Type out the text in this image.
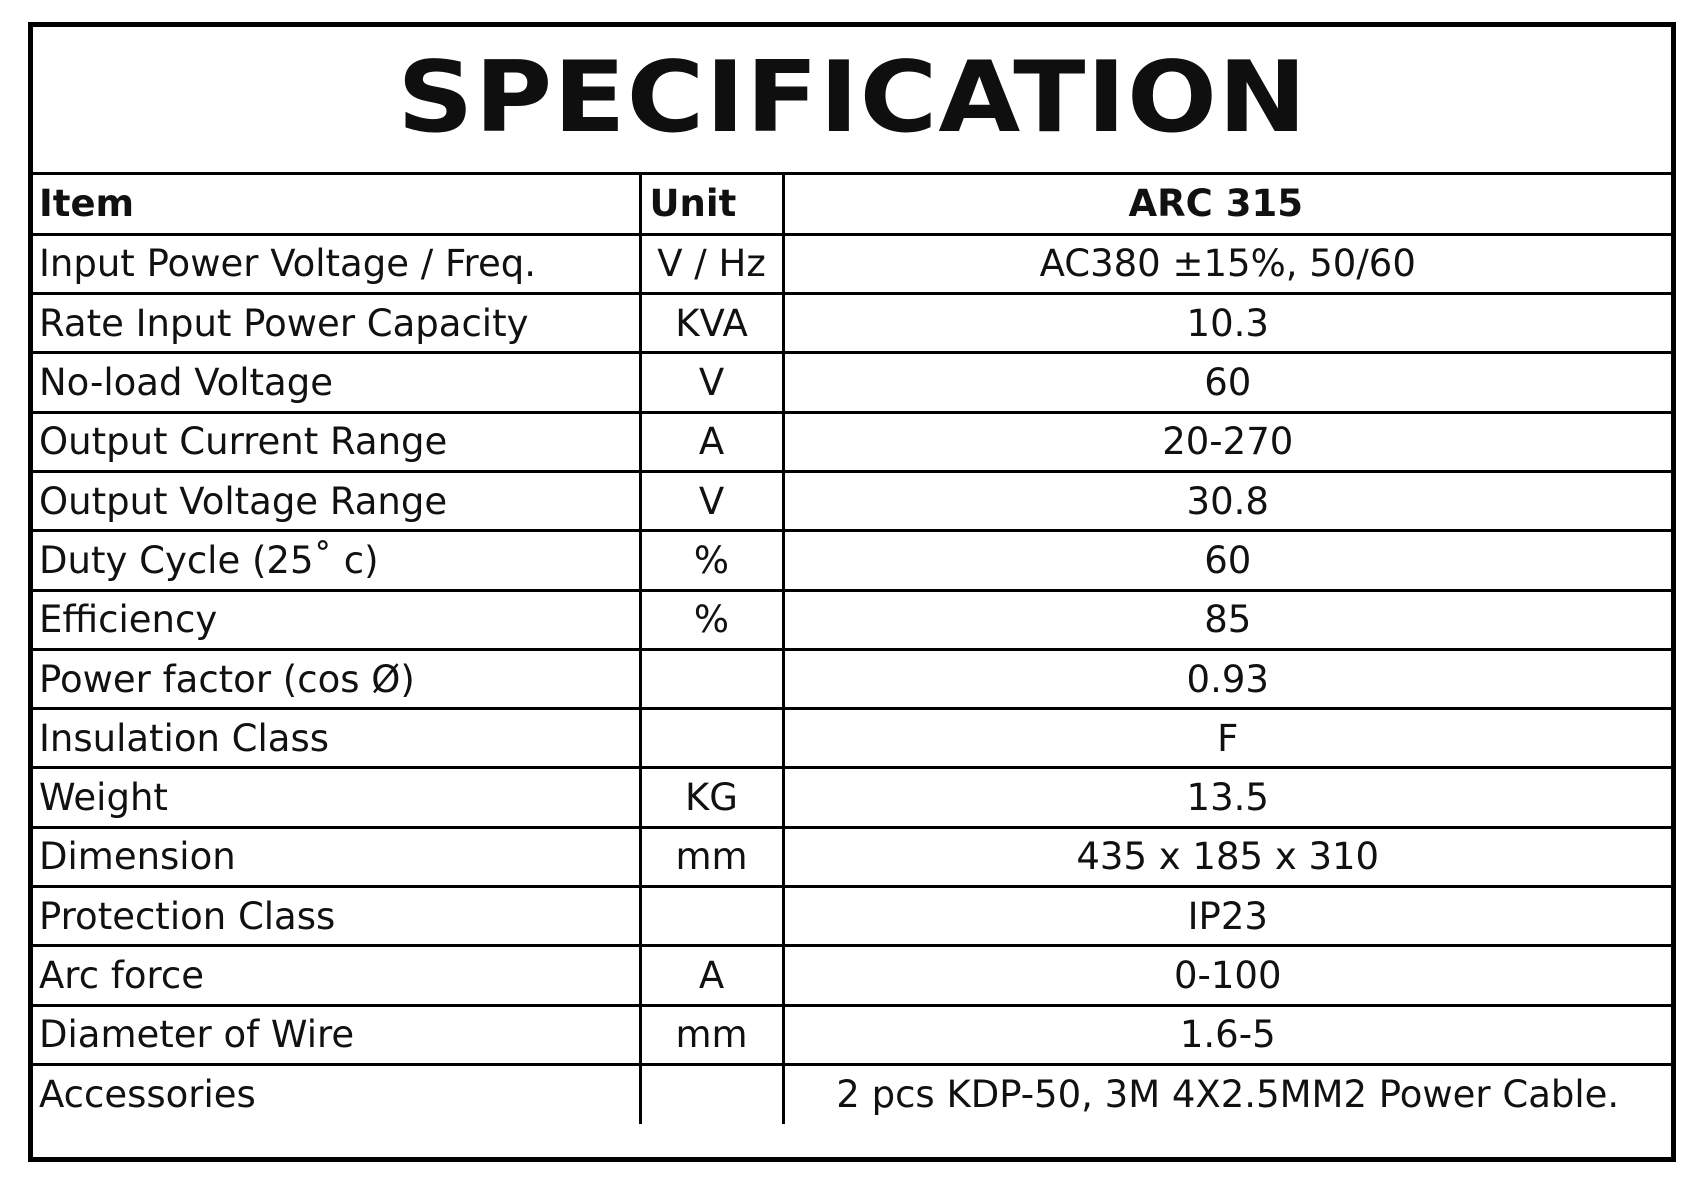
SPECIFICATION
Item	Unit	ARC 315
Input Power Voltage / Freq.	V / Hz	AC380 ±15%, 50/60
Rate Input Power Capacity	KVA	10.3
No-load Voltage	V	60
Output Current Range	A	20-270
Output Voltage Range	V	30.8
Duty Cycle (25˚ c)	%	60
Efficiency	%	85
Power factor (cos Ø)		0.93
Insulation Class		F
Weight	KG	13.5
Dimension	mm	435 x 185 x 310
Protection Class		IP23
Arc force	A	0-100
Diameter of Wire	mm	1.6-5
Accessories		2 pcs KDP-50, 3M 4X2.5MM2 Power Cable.
